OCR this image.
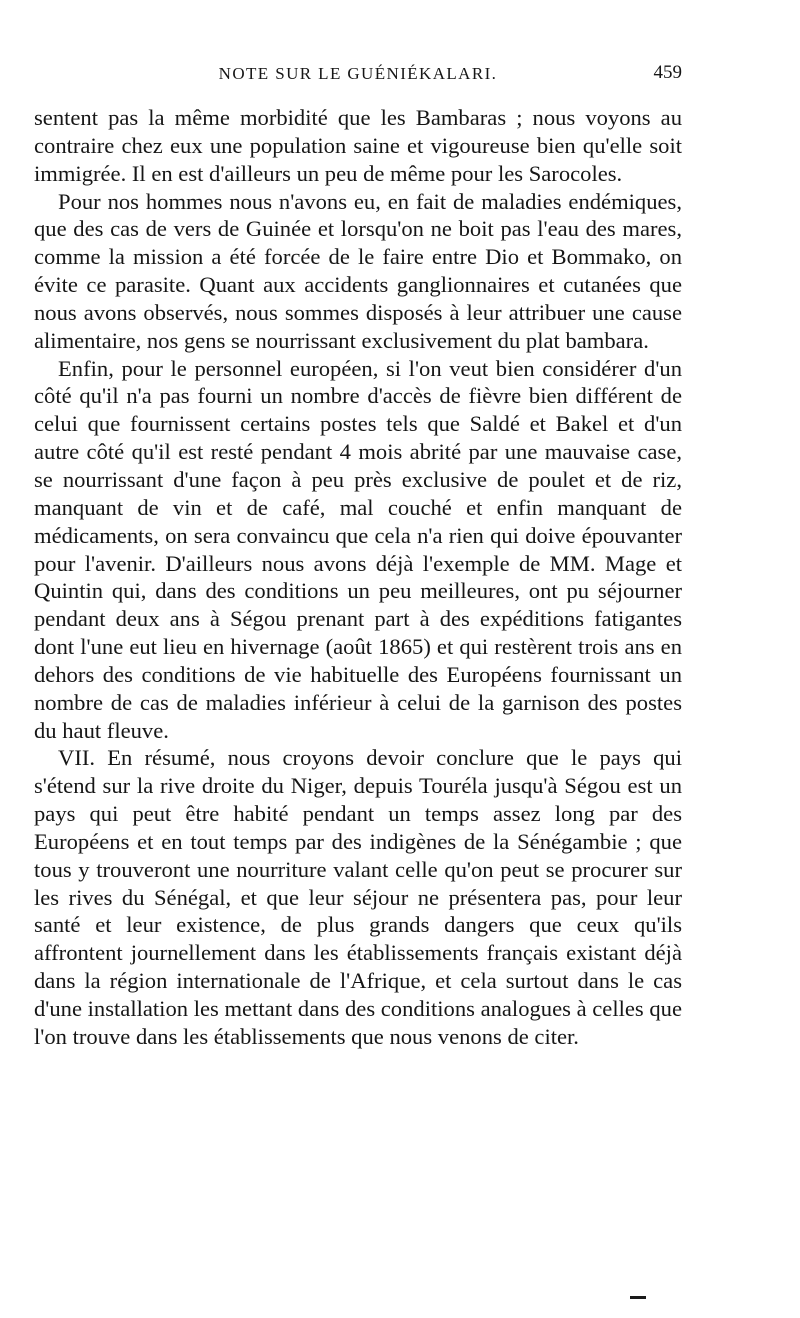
NOTE SUR LE GUÉNIÉKALARI.	459

sentent pas la même morbidité que les Bambaras ; nous voyons au contraire chez eux une population saine et vigoureuse bien qu'elle soit immigrée. Il en est d'ailleurs un peu de même pour les Sarocoles.

Pour nos hommes nous n'avons eu, en fait de maladies endémiques, que des cas de vers de Guinée et lorsqu'on ne boit pas l'eau des mares, comme la mission a été forcée de le faire entre Dio et Bommako, on évite ce parasite. Quant aux accidents ganglionnaires et cutanées que nous avons observés, nous sommes disposés à leur attribuer une cause alimentaire, nos gens se nourrissant exclusivement du plat bambara.

Enfin, pour le personnel européen, si l'on veut bien considérer d'un côté qu'il n'a pas fourni un nombre d'accès de fièvre bien différent de celui que fournissent certains postes tels que Saldé et Bakel et d'un autre côté qu'il est resté pendant 4 mois abrité par une mauvaise case, se nourrissant d'une façon à peu près exclusive de poulet et de riz, manquant de vin et de café, mal couché et enfin manquant de médicaments, on sera convaincu que cela n'a rien qui doive épouvanter pour l'avenir. D'ailleurs nous avons déjà l'exemple de MM. Mage et Quintin qui, dans des conditions un peu meilleures, ont pu séjourner pendant deux ans à Ségou prenant part à des expéditions fatigantes dont l'une eut lieu en hivernage (août 1865) et qui restèrent trois ans en dehors des conditions de vie habituelle des Européens fournissant un nombre de cas de maladies inférieur à celui de la garnison des postes du haut fleuve.

VII. En résumé, nous croyons devoir conclure que le pays qui s'étend sur la rive droite du Niger, depuis Touréla jusqu'à Ségou est un pays qui peut être habité pendant un temps assez long par des Européens et en tout temps par des indigènes de la Sénégambie ; que tous y trouveront une nourriture valant celle qu'on peut se procurer sur les rives du Sénégal, et que leur séjour ne présentera pas, pour leur santé et leur existence, de plus grands dangers que ceux qu'ils affrontent journellement dans les établissements français existant déjà dans la région internationale de l'Afrique, et cela surtout dans le cas d'une installation les mettant dans des conditions analogues à celles que l'on trouve dans les établissements que nous venons de citer.
